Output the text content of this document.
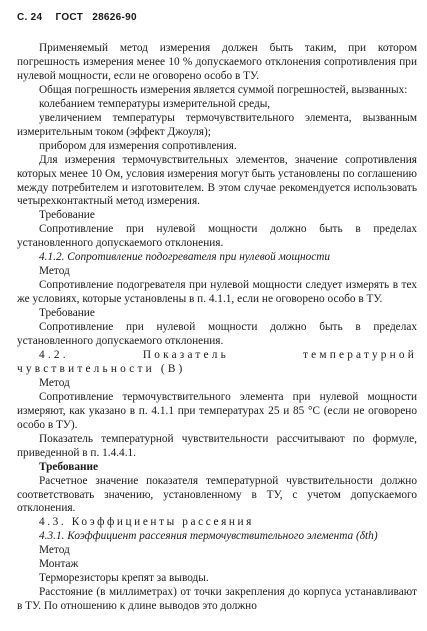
С. 24 ГОСТ 28626-90

Применяемый метод измерения должен быть таким, при котором погрешность измерения менее 10 % допускаемого отклонения сопротивления при нулевой мощности, если не оговорено особо в ТУ.

Общая погрешность измерения является суммой погрешностей, вызванных:

колебанием температуры измерительной среды,

увеличением температуры термочувствительного элемента, вызванным измерительным током (эффект Джоуля);

прибором для измерения сопротивления.

Для измерения термочувствительных элементов, значение сопротивления которых менее 10 Ом, условия измерения могут быть установлены по соглашению между потребителем и изготовителем. В этом случае рекомендуется использовать четырехконтактный метод измерения.

Требование

Сопротивление при нулевой мощности должно быть в пределах установленного допускаемого отклонения.

4.1.2. Сопротивление подогревателя при нулевой мощности

Метод

Сопротивление подогревателя при нулевой мощности следует измерять в тех же условиях, которые установлены в п. 4.1.1, если не оговорено особо в ТУ.

Требование

Сопротивление при нулевой мощности должно быть в пределах установленного допускаемого отклонения.

4.2. Показатель температурной чувствительности (B)

Метод

Сопротивление термочувствительного элемента при нулевой мощности измеряют, как указано в п. 4.1.1 при температурах 25 и 85 °С (если не оговорено особо в ТУ).

Показатель температурной чувствительности рассчитывают по формуле, приведенной в п. 1.4.4.1.

Требование

Расчетное значение показателя температурной чувствительности должно соответствовать значению, установленному в ТУ, с учетом допускаемого отклонения.

4.3. Коэффициенты рассеяния

4.3.1. Коэффициент рассеяния термочувствительного элемента (δth)

Метод

Монтаж

Терморезисторы крепят за выводы.

Расстояние (в миллиметрах) от точки закрепления до корпуса устанавливают в ТУ. По отношению к длине выводов это должно
